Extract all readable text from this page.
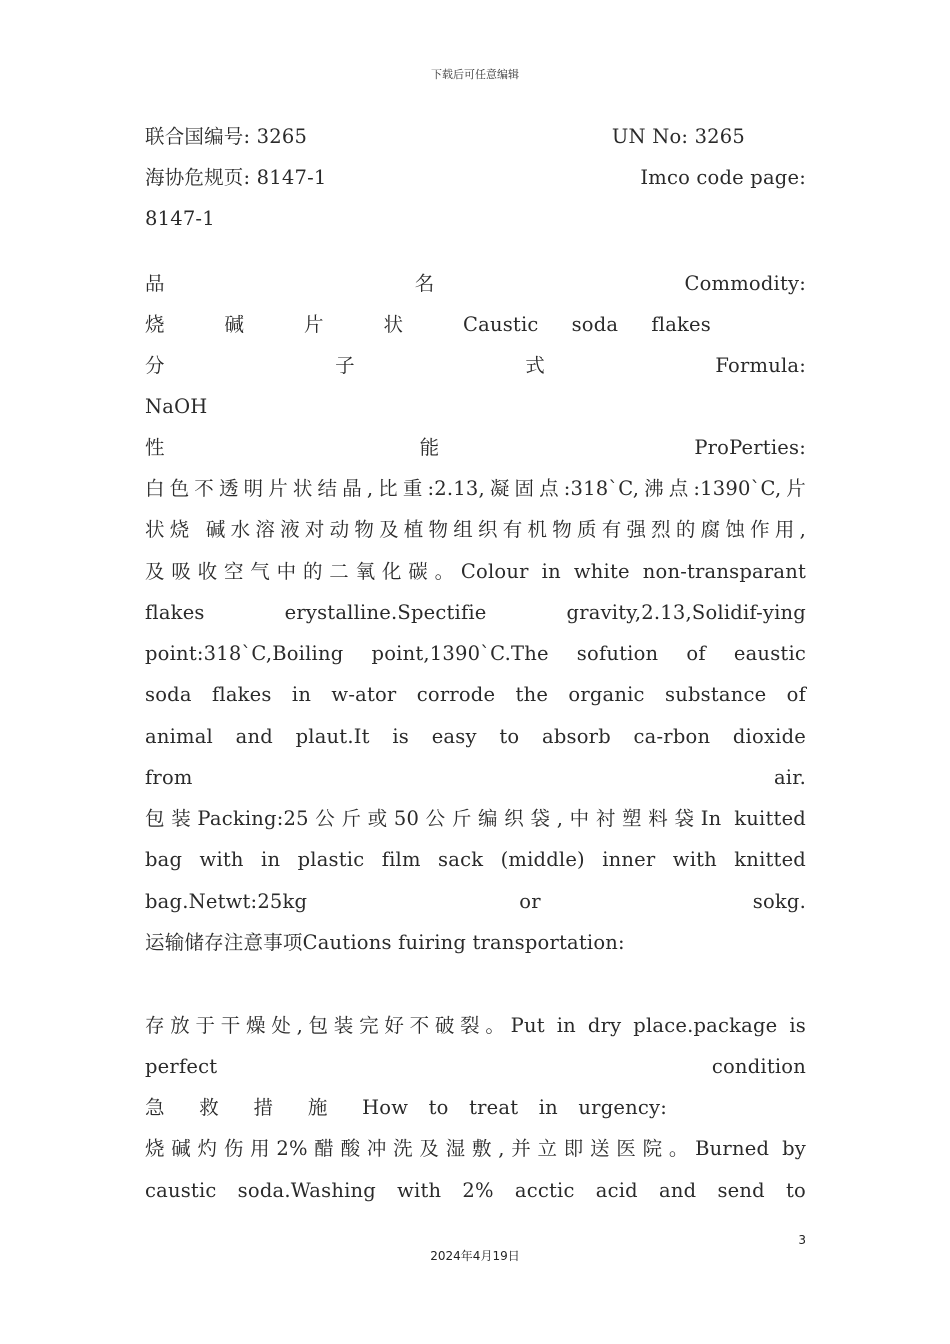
下载后可任意编辑
联合国编号: 3265	UN No: 3265
海协危规页: 8147-1	Imco code page:
8147-1
品 名 Commodity:
烧 碱 片 状 Caustic soda flakes
分 子 式 Formula:
NaOH
性 能 ProPerties:
白色不透明片状结晶,比重:2.13,凝固点:318`C,沸点:1390`C,片
状烧 碱水溶液对动物及植物组织有机物质有强烈的腐蚀作用,
及吸收空气中的二氧化碳。Colour in white non-transparant
flakes erystalline.Spectifie gravity,2.13,Solidif-ying
point:318`C,Boiling point,1390`C.The sofution of eaustic
soda flakes in w-ator corrode the organic substance of
animal and plaut.It is easy to absorb ca-rbon dioxide
from air.
包装Packing:25公斤或50公斤编织袋,中衬塑料袋In kuitted
bag with in plastic film sack (middle) inner with knitted
bag.Netwt:25kg or sokg.
运输储存注意事项Cautions fuiring transportation:
存放于干燥处,包装完好不破裂。Put in dry place.package is
perfect condition
急 救 措 施 How to treat in urgency:
烧碱灼伤用2%醋酸冲洗及湿敷,并立即送医院。Burned by
caustic soda.Washing with 2% acctic acid and send to
3
2024年4月19日
